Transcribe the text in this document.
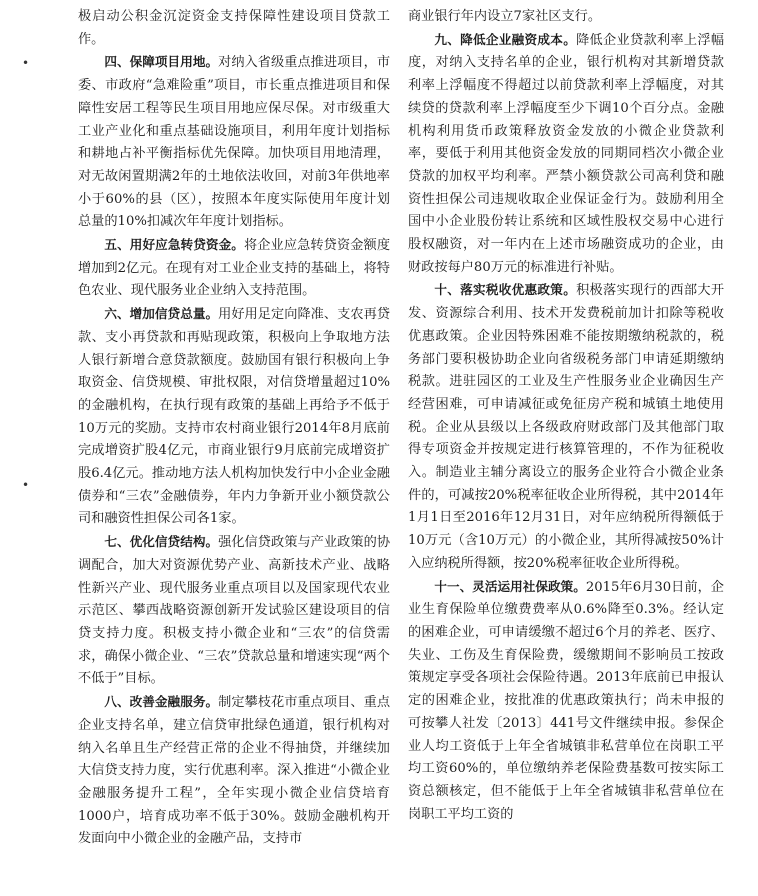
•
•

极启动公积金沉淀资金支持保障性建设项目贷款工作。

四、保障项目用地。对纳入省级重点推进项目，市委、市政府“急难险重”项目，市长重点推进项目和保障性安居工程等民生项目用地应保尽保。对市级重大工业产业化和重点基础设施项目，利用年度计划指标和耕地占补平衡指标优先保障。加快项目用地清理，对无故闲置期满2年的土地依法收回，对前3年供地率小于60%的县（区），按照本年度实际使用年度计划总量的10%扣减次年年度计划指标。

五、用好应急转贷资金。将企业应急转贷资金额度增加到2亿元。在现有对工业企业支持的基础上，将特色农业、现代服务业企业纳入支持范围。

六、增加信贷总量。用好用足定向降准、支农再贷款、支小再贷款和再贴现政策，积极向上争取地方法人银行新增合意贷款额度。鼓励国有银行积极向上争取资金、信贷规模、审批权限，对信贷增量超过10%的金融机构，在执行现有政策的基础上再给予不低于10万元的奖励。支持市农村商业银行2014年8月底前完成增资扩股4亿元，市商业银行9月底前完成增资扩股6.4亿元。推动地方法人机构加快发行中小企业金融债券和“三农”金融债券，年内力争新开业小额贷款公司和融资性担保公司各1家。

七、优化信贷结构。强化信贷政策与产业政策的协调配合，加大对资源优势产业、高新技术产业、战略性新兴产业、现代服务业重点项目以及国家现代农业示范区、攀西战略资源创新开发试验区建设项目的信贷支持力度。积极支持小微企业和“三农”的信贷需求，确保小微企业、“三农”贷款总量和增速实现“两个不低于”目标。

八、改善金融服务。制定攀枝花市重点项目、重点企业支持名单，建立信贷审批绿色通道，银行机构对纳入名单且生产经营正常的企业不得抽贷，并继续加大信贷支持力度，实行优惠利率。深入推进“小微企业金融服务提升工程”，全年实现小微企业信贷培育1000户，培育成功率不低于30%。鼓励金融机构开发面向中小微企业的金融产品，支持市

商业银行年内设立7家社区支行。

九、降低企业融资成本。降低企业贷款利率上浮幅度，对纳入支持名单的企业，银行机构对其新增贷款利率上浮幅度不得超过以前贷款利率上浮幅度，对其续贷的贷款利率上浮幅度至少下调10个百分点。金融机构利用货币政策释放资金发放的小微企业贷款利率，要低于利用其他资金发放的同期同档次小微企业贷款的加权平均利率。严禁小额贷款公司高利贷和融资性担保公司违规收取企业保证金行为。鼓励利用全国中小企业股份转让系统和区域性股权交易中心进行股权融资，对一年内在上述市场融资成功的企业，由财政按每户80万元的标准进行补贴。

十、落实税收优惠政策。积极落实现行的西部大开发、资源综合利用、技术开发费税前加计扣除等税收优惠政策。企业因特殊困难不能按期缴纳税款的，税务部门要积极协助企业向省级税务部门申请延期缴纳税款。进驻园区的工业及生产性服务业企业确因生产经营困难，可申请减征或免征房产税和城镇土地使用税。企业从县级以上各级政府财政部门及其他部门取得专项资金并按规定进行核算管理的，不作为征税收入。制造业主辅分离设立的服务企业符合小微企业条件的，可减按20%税率征收企业所得税，其中2014年1月1日至2016年12月31日，对年应纳税所得额低于10万元（含10万元）的小微企业，其所得减按50%计入应纳税所得额，按20%税率征收企业所得税。

十一、灵活运用社保政策。2015年6月30日前，企业生育保险单位缴费费率从0.6%降至0.3%。经认定的困难企业，可申请缓缴不超过6个月的养老、医疗、失业、工伤及生育保险费，缓缴期间不影响员工按政策规定享受各项社会保险待遇。2013年底前已申报认定的困难企业，按批准的优惠政策执行；尚未申报的可按攀人社发〔2013〕441号文件继续申报。参保企业人均工资低于上年全省城镇非私营单位在岗职工平均工资60%的，单位缴纳养老保险费基数可按实际工资总额核定，但不能低于上年全省城镇非私营单位在岗职工平均工资的
